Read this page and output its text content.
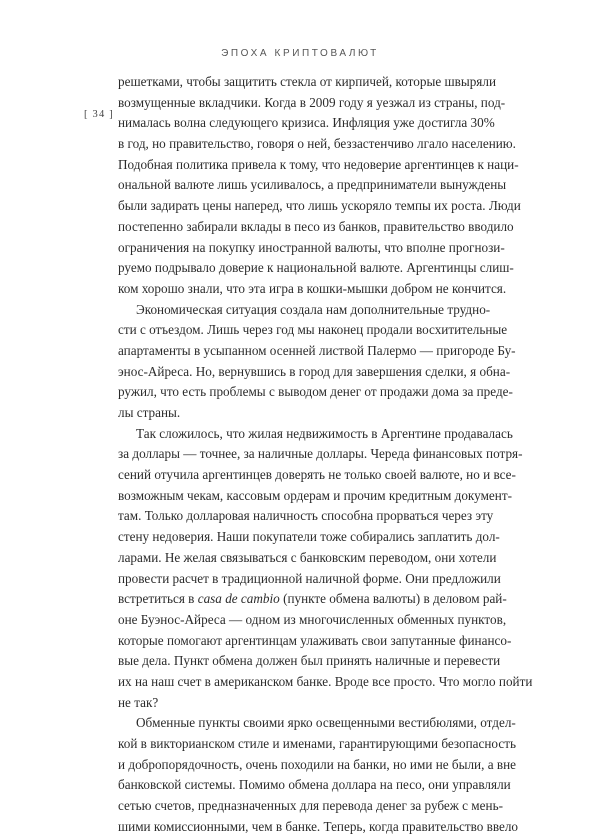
ЭПОХА КРИПТОВАЛЮТ
[ 34 ]
решетками, чтобы защитить стекла от кирпичей, которые швыряли
возмущенные вкладчики. Когда в 2009 году я уезжал из страны, под-
нималась волна следующего кризиса. Инфляция уже достигла 30%
в год, но правительство, говоря о ней, беззастенчиво лгало населению.
Подобная политика привела к тому, что недоверие аргентинцев к наци-
ональной валюте лишь усиливалось, а предприниматели вынуждены
были задирать цены наперед, что лишь ускоряло темпы их роста. Люди
постепенно забирали вклады в песо из банков, правительство вводило
ограничения на покупку иностранной валюты, что вполне прогнози-
руемо подрывало доверие к национальной валюте. Аргентинцы слиш-
ком хорошо знали, что эта игра в кошки-мышки добром не кончится.
Экономическая ситуация создала нам дополнительные трудно-
сти с отъездом. Лишь через год мы наконец продали восхитительные
апартаменты в усыпанном осенней листвой Палермо — пригороде Бу-
энос-Айреса. Но, вернувшись в город для завершения сделки, я обна-
ружил, что есть проблемы с выводом денег от продажи дома за преде-
лы страны.
Так сложилось, что жилая недвижимость в Аргентине продавалась
за доллары — точнее, за наличные доллары. Череда финансовых потря-
сений отучила аргентинцев доверять не только своей валюте, но и все-
возможным чекам, кассовым ордерам и прочим кредитным документ-
там. Только долларовая наличность способна прорваться через эту
стену недоверия. Наши покупатели тоже собирались заплатить дол-
ларами. Не желая связываться с банковским переводом, они хотели
провести расчет в традиционной наличной форме. Они предложили
встретиться в casa de cambio (пункте обмена валюты) в деловом рай-
оне Буэнос-Айреса — одном из многочисленных обменных пунктов,
которые помогают аргентинцам улаживать свои запутанные финансо-
вые дела. Пункт обмена должен был принять наличные и перевести
их на наш счет в американском банке. Вроде все просто. Что могло пойти
не так?
Обменные пункты своими ярко освещенными вестибюлями, отдел-
кой в викторианском стиле и именами, гарантирующими безопасность
и добропорядочность, очень походили на банки, но ими не были, а вне
банковской системы. Помимо обмена доллара на песо, они управляли
сетью счетов, предназначенных для перевода денег за рубеж с мень-
шими комиссионными, чем в банке. Теперь, когда правительство ввело
